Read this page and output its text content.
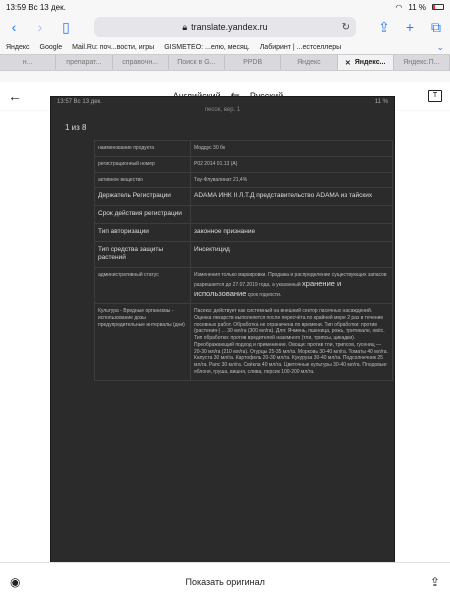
13:59 Вс 13 дек.	◠ 11 %
‹	›	▯	🔒︎ translate.yandex.ru	↻ ⇪ + ⧉
Яндекс Google Mail.Ru: поч...вости, игры GISMETEO: ...елю, месяц. Лабиринт | ...естселлеры	⌄
н...	препарат...	справочн...	Поиск в G...	PPDB	Яндекс	✕ Яндекс...	Яндекс.П...
←	T
13:57 Вс 13 дек.	11 %
песок, вер. 1
1 из 8
наименование продукта	Моддус 30 бк
регистрационный номер	Р02 2014 01.13 (А)
активное вещество	Тау-Флувалинат 21,4%
Держатель Регистрации	ADAMA ИНК II Л.Т.Д представительство ADAMA из тайских
Срок действия регистрации	
Тип авторизации	законное признание
Тип средства защиты растений	Инсектицид
административный статус	Изменения только маркировки. Продажа и распределение существующих запасов разрешается до 27.07.2019 года, а указанный хранение и использование срок годности.
Культура - Вредные организмы - использование дозы предупредительные интервалы (дни)	Пасека: действует как системный на внешний сектор пасечных насаждений. Оценка лекарств выполняется после пересчёта по крайней мере 2 раз в течение посевных работ. Обработка не ограничена по времени. Тип обработки: против (растения-) ... 30 мл/га (300 мл/га). Для: Ячмень, пшеница, рожь, тритикале, овёс. Тип обработки: против вредителей наземного (тли, трипсы, цикадки). Преображающий подход и применение. Овощи: против тли, трипсов, гусениц — 20-30 мл/га (210 мл/га). Огурцы 25-35 мл/га. Морковь 30-40 мл/га. Томаты 40 мл/га. Капуста 30 мл/га. Картофель 20-30 мл/га. Кукуруза 30-40 мл/га. Подсолнечник 25 мл/га. Рапс 30 мл/га. Свёкла 40 мл/га. Цветочные культуры 30-40 мл/га. Плодовые: яблоня, груша, вишня, слива, персик 100-200 мл/га.
◉	Показать оригинал	⇪
